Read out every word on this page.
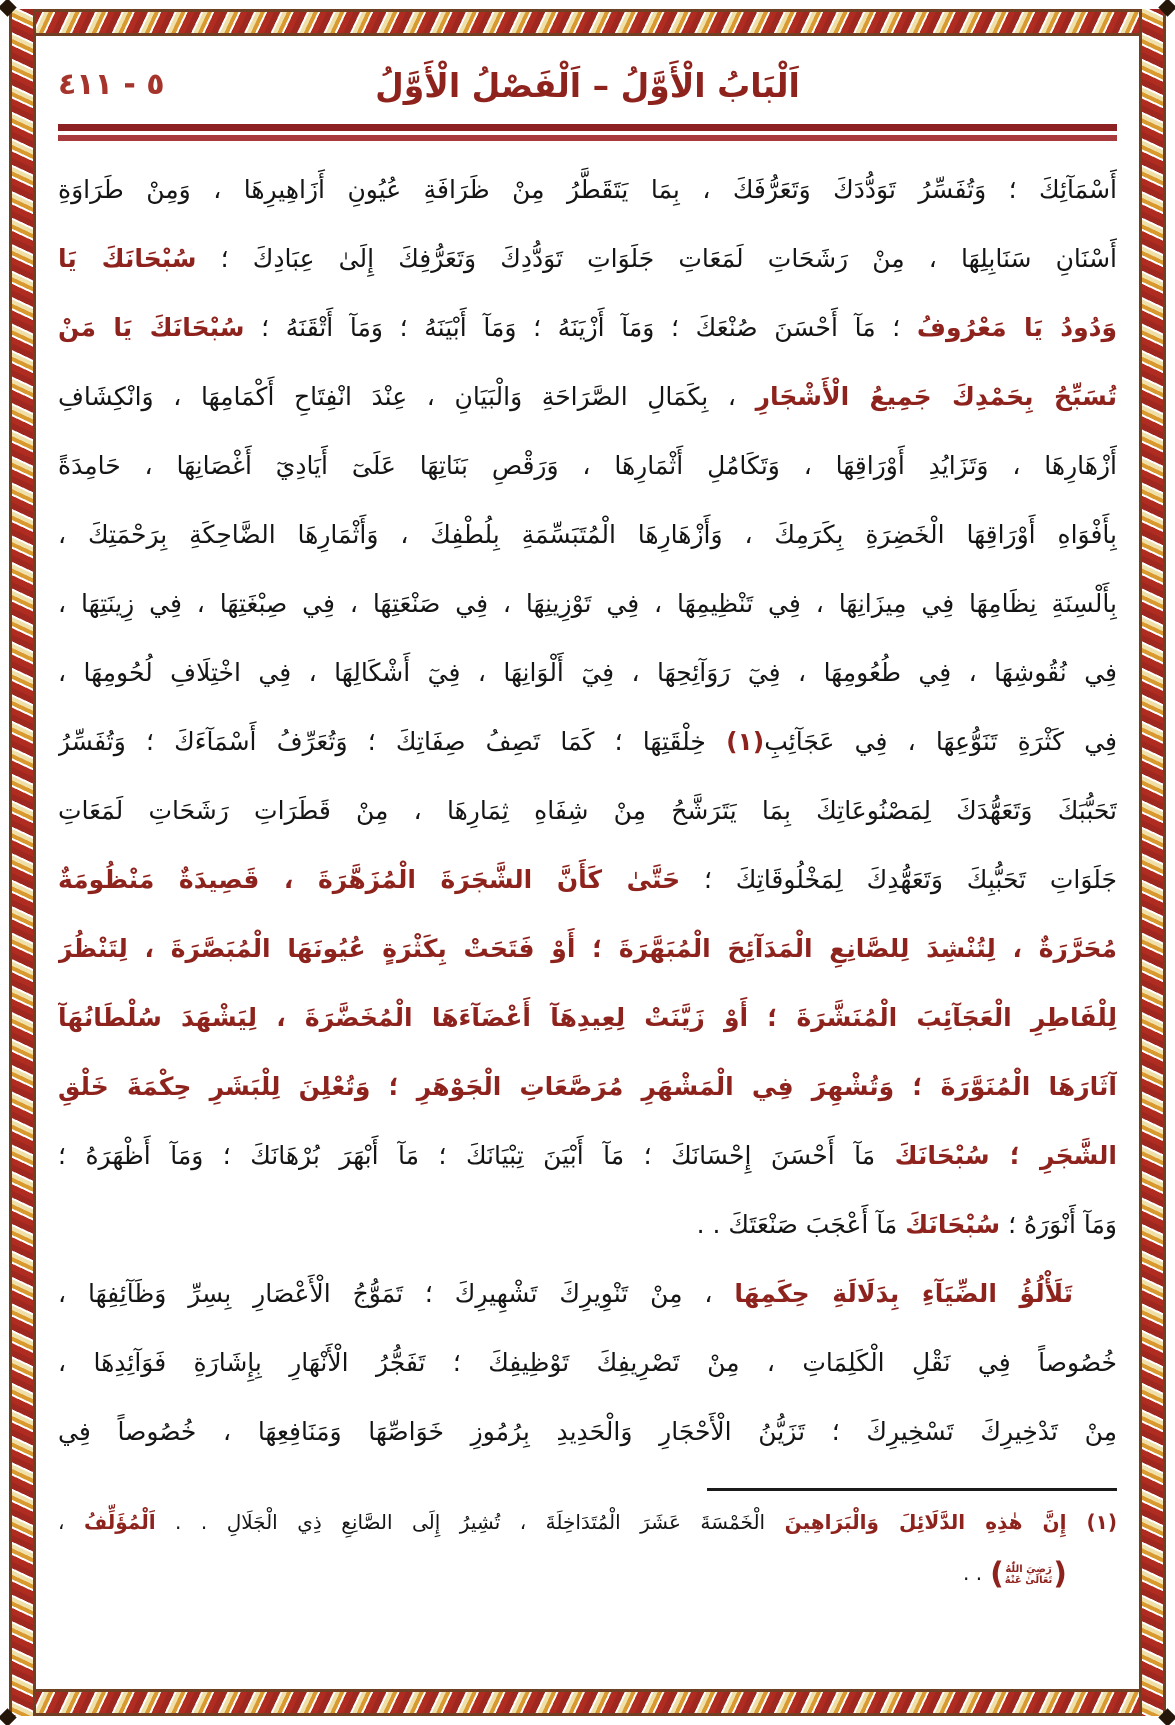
٥ - ٤١١	اَلْبَابُ الْأَوَّلُ – اَلْفَصْلُ الْأَوَّلُ
أَسْمَآئِكَ ؛ وَتُفَسِّرُ تَوَدُّدَكَ وَتَعَرُّفَكَ ، بِمَا يَتَقَطَّرُ مِنْ ظَرَافَةِ عُيُونِ أَزَاهِيرِهَا ، وَمِنْ طَرَاوَةِ
أَسْنَانِ سَنَابِلِهَا ، مِنْ رَشَحَاتِ لَمَعَاتِ جَلَوَاتِ تَوَدُّدِكَ وَتَعَرُّفِكَ إِلَىٰ عِبَادِكَ ؛ سُبْحَانَكَ يَا
وَدُودُ يَا مَعْرُوفُ ؛ مَآ أَحْسَنَ صُنْعَكَ ؛ وَمَآ أَزْيَنَهُ ؛ وَمَآ أَبْيَنَهُ ؛ وَمَآ أَتْقَنَهُ ؛ سُبْحَانَكَ يَا مَنْ
تُسَبِّحُ بِحَمْدِكَ جَمِيعُ الْأَشْجَارِ ، بِكَمَالِ الصَّرَاحَةِ وَالْبَيَانِ ، عِنْدَ انْفِتَاحِ أَكْمَامِهَا ، وَانْكِشَافِ
أَزْهَارِهَا ، وَتَزَايُدِ أَوْرَاقِهَا ، وَتَكَامُلِ أَثْمَارِهَا ، وَرَقْصِ بَنَاتِهَا عَلَىٓ أَيَادِيٓ أَغْصَانِهَا ، حَامِدَةً
بِأَفْوَاهِ أَوْرَاقِهَا الْخَضِرَةِ بِكَرَمِكَ ، وَأَزْهَارِهَا الْمُتَبَسِّمَةِ بِلُطْفِكَ ، وَأَثْمَارِهَا الضَّاحِكَةِ بِرَحْمَتِكَ ،
بِأَلْسِنَةِ نِظَامِهَا فِي مِيزَانِهَا ، فِي تَنْظِيمِهَا ، فِي تَوْزِينِهَا ، فِي صَنْعَتِهَا ، فِي صِبْغَتِهَا ، فِي زِينَتِهَا ،
فِي نُقُوشِهَا ، فِي طُعُومِهَا ، فِيٓ رَوَآئِحِهَا ، فِيٓ أَلْوَانِهَا ، فِيٓ أَشْكَالِهَا ، فِي اخْتِلَافِ لُحُومِهَا ،
فِي كَثْرَةِ تَنَوُّعِهَا ، فِي عَجَآئِبِ(١) خِلْقَتِهَا ؛ كَمَا تَصِفُ صِفَاتِكَ ؛ وَتُعَرِّفُ أَسْمَآءَكَ ؛ وَتُفَسِّرُ
تَحَبُّبَكَ وَتَعَهُّدَكَ لِمَصْنُوعَاتِكَ بِمَا يَتَرَشَّحُ مِنْ شِفَاهِ ثِمَارِهَا ، مِنْ قَطَرَاتِ رَشَحَاتِ لَمَعَاتِ
جَلَوَاتِ تَحَبُّبِكَ وَتَعَهُّدِكَ لِمَخْلُوقَاتِكَ ؛ حَتَّىٰ كَأَنَّ الشَّجَرَةَ الْمُزَهَّرَةَ ، قَصِيدَةٌ مَنْظُومَةٌ
مُحَرَّرَةٌ ، لِتُنْشِدَ لِلصَّانِعِ الْمَدَآئِحَ الْمُبَهَّرَةَ ؛ أَوْ فَتَحَتْ بِكَثْرَةٍ عُيُونَهَا الْمُبَصَّرَةَ ، لِتَنْظُرَ
لِلْفَاطِرِ الْعَجَآئِبَ الْمُنَشَّرَةَ ؛ أَوْ زَيَّنَتْ لِعِيدِهَآ أَعْضَآءَهَا الْمُخَضَّرَةَ ، لِيَشْهَدَ سُلْطَانُهَآ
آثَارَهَا الْمُنَوَّرَةَ ؛ وَتُشْهِرَ فِي الْمَشْهَرِ مُرَصَّعَاتِ الْجَوْهَرِ ؛ وَتُعْلِنَ لِلْبَشَرِ حِكْمَةَ خَلْقِ
الشَّجَرِ ؛ سُبْحَانَكَ مَآ أَحْسَنَ إِحْسَانَكَ ؛ مَآ أَبْيَنَ تِبْيَانَكَ ؛ مَآ أَبْهَرَ بُرْهَانَكَ ؛ وَمَآ أَظْهَرَهُ ؛
وَمَآ أَنْوَرَهُ ؛ سُبْحَانَكَ مَآ أَعْجَبَ صَنْعَتَكَ . .
تَلَأْلُؤُ الضِّيَآءِ بِدَلَالَةِ حِكَمِهَا ، مِنْ تَنْوِيرِكَ تَشْهِيرِكَ ؛ تَمَوُّجُ الْأَعْصَارِ بِسِرِّ وَظَآئِفِهَا ،
خُصُوصاً فِي نَقْلِ الْكَلِمَاتِ ، مِنْ تَصْرِيفِكَ تَوْظِيفِكَ ؛ تَفَجُّرُ الْأَنْهَارِ بِإِشَارَةِ فَوَآئِدِهَا ،
مِنْ تَدْخِيرِكَ تَسْخِيرِكَ ؛ تَزَيُّنُ الْأَحْجَارِ وَالْحَدِيدِ بِرُمُوزِ خَوَاصِّهَا وَمَنَافِعِهَا ، خُصُوصاً فِي
(١) إِنَّ هٰذِهِ الدَّلَائِلَ وَالْبَرَاهِينَ الْخَمْسَةَ عَشَرَ الْمُتَدَاخِلَةَ ، تُشِيرُ إِلَى الصَّانِعِ ذِي الْجَلَالِ . . اَلْمُؤَلِّفُ ،
(
رَضِيَ اللّٰهُ
تَعَالَىٰ عَنْهُ
). .
